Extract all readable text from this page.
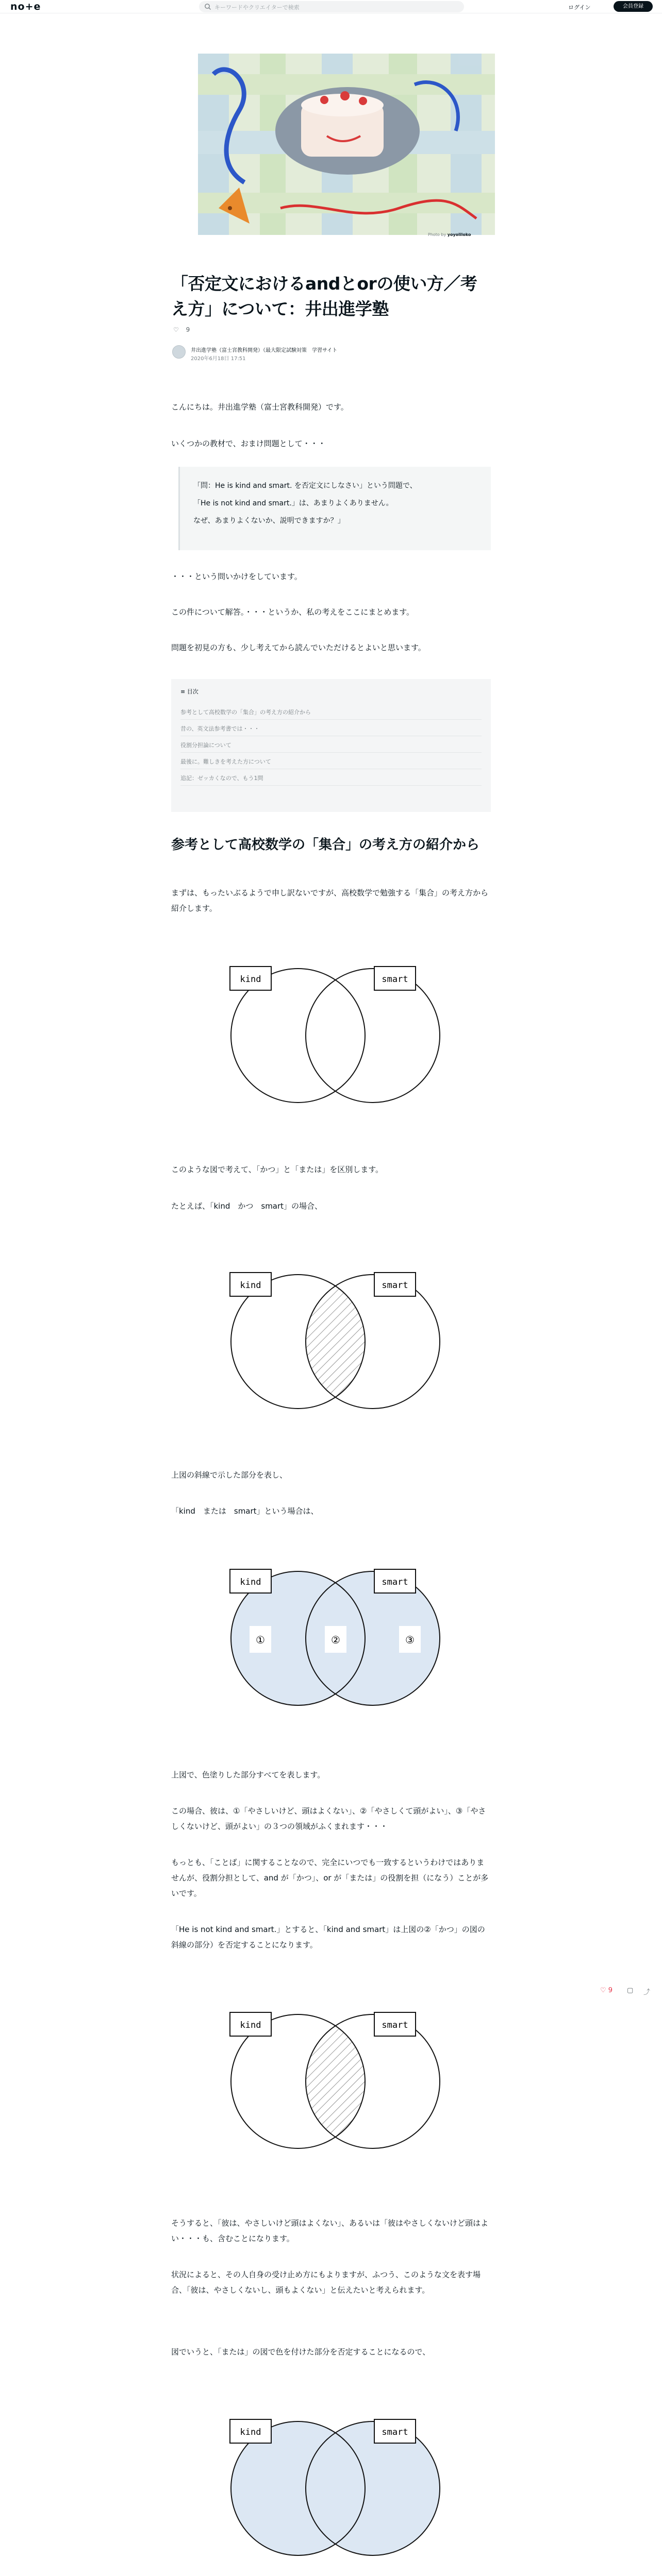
no+e	キーワードやクリエイターで検索	ログイン	会員登録
Photo by yoyoliloko
「否定文におけるandとorの使い方／考え方」について：井出進学塾
♡ 9
井出進学塾（富士宮教科開発）（最大限定試験対策　学習サイト
2020年6月18日 17:51

こんにちは。井出進学塾（富士宮教科開発）です。

いくつかの教材で、おまけ問題として・・・

「問：He is kind and smart. を否定文にしなさい」という問題で、

「He is not kind and smart.」は、あまりよくありません。

なぜ、あまりよくないか、説明できますか？」

・・・という問いかけをしています。

この件について解答。・・・というか、私の考えをここにまとめます。

問題を初見の方も、少し考えてから読んでいただけるとよいと思います。

≡ 目次
参考として高校数学の「集合」の考え方の紹介から
昔の、英文法参考書では・・・
役割分担論について
最後に。難しきを考えた方について
追記：ゼッカくなので、もう1問
参考として高校数学の「集合」の考え方の紹介から

まずは、もったいぶるようで申し訳ないですが、高校数学で勉強する「集合」の考え方から紹介します。

kind	smart

このような図で考えて、「かつ」と「または」を区別します。

たとえば、「kind　かつ　smart」の場合、

kind	smart

上図の斜線で示した部分を表し、

「kind　または　smart」という場合は、

kind	smart
①	②	③

上図で、色塗りした部分すべてを表します。

この場合、彼は、①「やさしいけど、頭はよくない」、②「やさしくて頭がよい」、③「やさしくないけど、頭がよい」の３つの領域がふくまれます・・・

もっとも、「ことば」に関することなので、完全にいつでも一致するというわけではありませんが、役割分担として、and が「かつ」、or が「または」の役割を担（になう）ことが多いです。

「He is not kind and smart.」とすると、「kind and smart」は上図の②「かつ」の図の斜線の部分）を否定することになります。

kind	smart
♡ 9 ▢ ⤴

そうすると、「彼は、やさしいけど頭はよくない」、あるいは「彼はやさしくないけど頭はよい・・・も、含むことになります。

状況によると、その人自身の受け止め方にもよりますが、ふつう、このような文を表す場合、「彼は、やさしくないし、頭もよくない」と伝えたいと考えられます。

図でいうと、「または」の図で色を付けた部分を否定することになるので、

kind	smart
